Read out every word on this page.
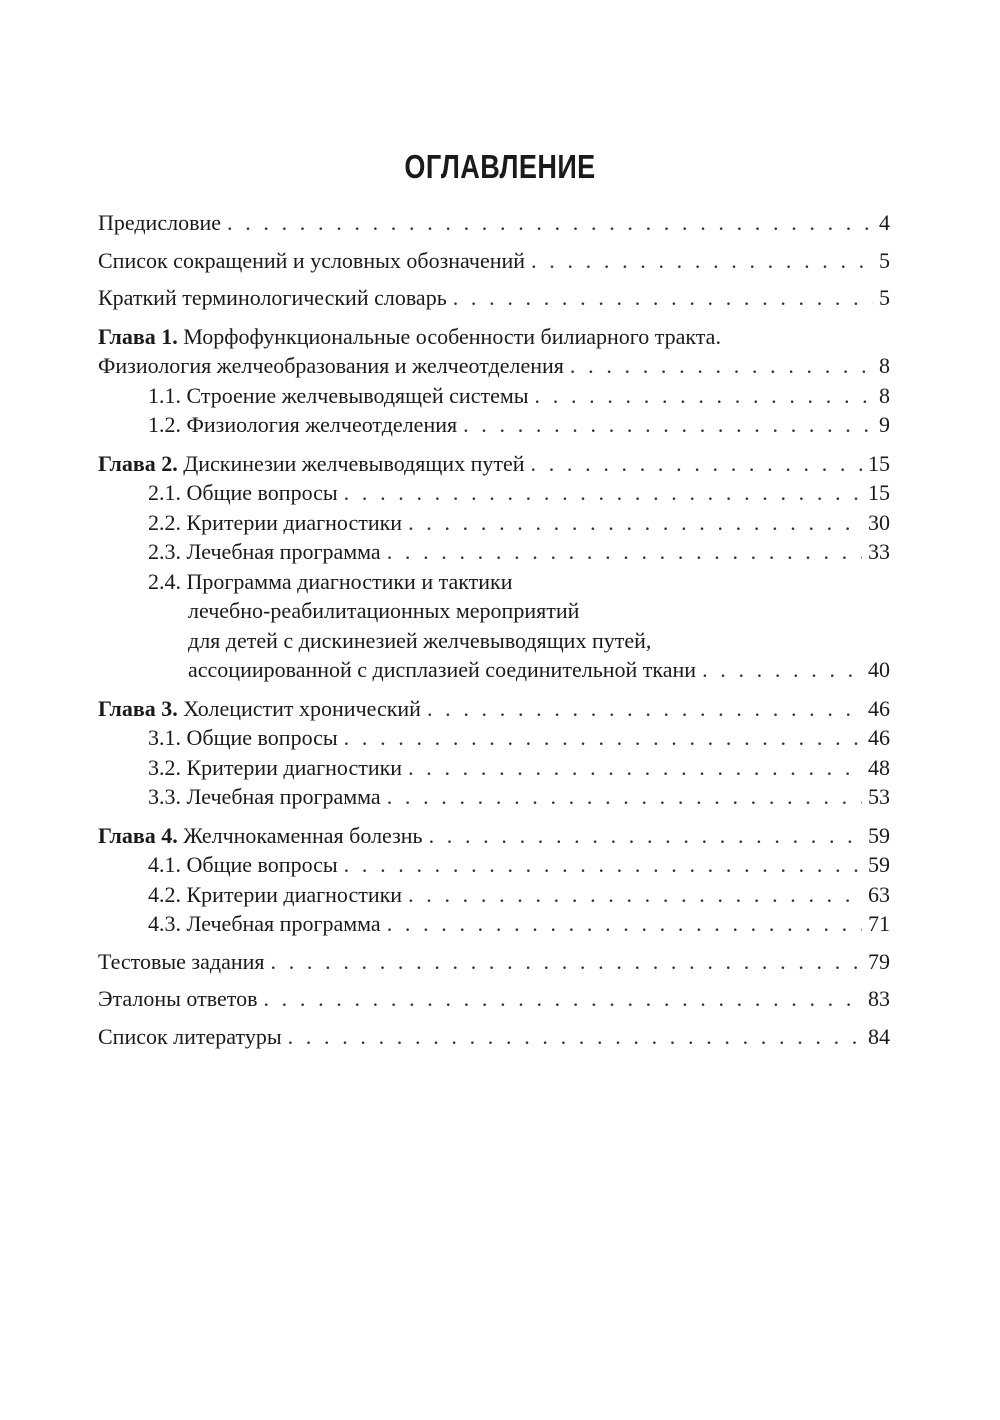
ОГЛАВЛЕНИЕ
Предисловие . . .	4
Список сокращений и условных обозначений . . .	5
Краткий терминологический словарь . . .	5
Глава 1. Морфофункциональные особенности билиарного тракта.
Физиология желчеобразования и желчеотделения . . .	8
1.1. Строение желчевыводящей системы . . .	8
1.2. Физиология желчеотделения . . .	9
Глава 2. Дискинезии желчевыводящих путей . . .	15
2.1. Общие вопросы . . .	15
2.2. Критерии диагностики . . .	30
2.3. Лечебная программа . . .	33
2.4. Программа диагностики и тактики
лечебно-реабилитационных мероприятий
для детей с дискинезией желчевыводящих путей,
ассоциированной с дисплазией соединительной ткани . . .	40
Глава 3. Холецистит хронический . . .	46
3.1. Общие вопросы . . .	46
3.2. Критерии диагностики . . .	48
3.3. Лечебная программа . . .	53
Глава 4. Желчнокаменная болезнь . . .	59
4.1. Общие вопросы . . .	59
4.2. Критерии диагностики . . .	63
4.3. Лечебная программа . . .	71
Тестовые задания . . .	79
Эталоны ответов . . .	83
Список литературы . . .	84
